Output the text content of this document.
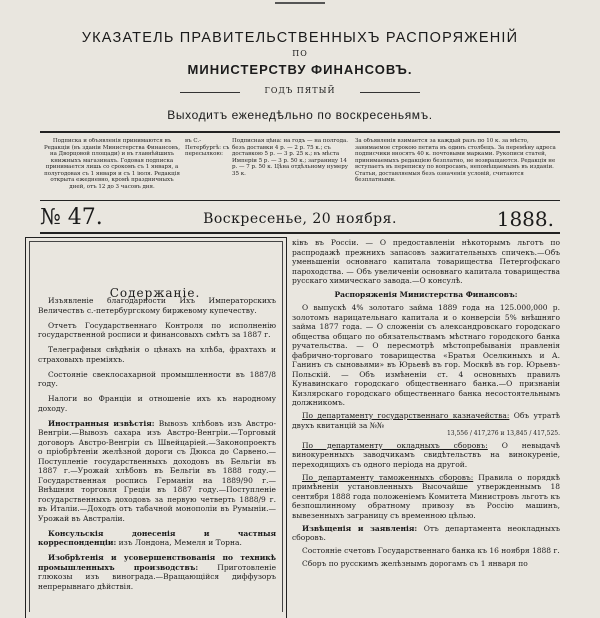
УКАЗАТЕЛЬ ПРАВИТЕЛЬСТВЕННЫХЪ РАСПОРЯЖЕНІЙ
ПО
МИНИСТЕРСТВУ ФИНАНСОВЪ.
ГОДЪ ПЯТЫЙ
Выходитъ еженедѣльно по воскресеньямъ.
Подписка и объявленія принимаются въ Редакціи (въ зданіи Министерства Финансовъ, на Дворцовой площади) и въ главнѣйшихъ книжныхъ магазинахъ. Годовая подписка принимается лишь со срокомъ съ 1 января, а полугодовая съ 1 января и съ 1 іюля. Редакція открыта ежедневно, кромѣ праздничныхъ дней, отъ 12 до 3 часовъ дня.
въ С.-Петербургѣ: съ пересылкою:
Подписная цѣна: на годъ — на полгода. безъ доставки 4 р. — 2 р. 75 к.; съ доставкою 5 р. — 3 р. 25 к.; въ мѣста Имперіи 5 р. — 3 р. 50 к.; заграницу 14 р. — 7 р. 50 к. Цѣна отдѣльному нумеру 35 к.
За объявленія взимается за каждый разъ по 10 к. за мѣсто, занимаемое строкою петита въ одинъ столбецъ. За перемѣну адреса подписчики вносятъ 40 к. почтовыми марками. Рукописи статей, принимаемыхъ редакціею безплатно, не возвращаются. Редакція не вступаетъ въ переписку по вопросамъ, непомѣщаемымъ въ изданіи. Статьи, доставляемыя безъ означенія условій, считаются безплатными.
№ 47.	Воскресенье, 20 ноября.	1888.
Содержаніе.

Изъявленіе благодарности Ихъ Императорскихъ Величествъ с.-петербургскому биржевому купечеству.

Отчетъ Государственнаго Контроля по исполненію государственной росписи и финансовыхъ смѣтъ за 1887 г.

Телеграфныя свѣдѣнія о цѣнахъ на хлѣба, фрахтахъ и страховыхъ преміяхъ.

Состояніе свеклосахарной промышленности въ 1887/8 году.

Налоги во Франціи и отношеніе ихъ къ народному доходу.

Иностранныя извѣстія: Вывозъ хлѣбовъ изъ Австро-Венгріи.—Вывозъ сахара изъ Австро-Венгріи.—Торговый договоръ Австро-Венгріи съ Швейцаріей.—Законопроектъ о пріобрѣтеніи желѣзной дороги съ Дюкса до Сарвено.—Поступленіе государственныхъ доходовъ въ Бельгіи въ 1887 г.—Урожай хлѣбовъ въ Бельгіи въ 1888 году.—Государственная роспись Германіи на 1889/90 г.—Внѣшняя торговля Греціи въ 1887 году.—Поступленіе государственныхъ доходовъ за первую четверть 1888/9 г. въ Италіи.—Доходъ отъ табачной монополіи въ Румыніи.—Урожай въ Австраліи.

Консульскія донесенія и частныя корреспонденціи: изъ Лондона, Мемеля и Торна.

Изобрѣтенія и усовершенствованія по техникѣ промышленныхъ производствъ:	Приготовленіе глюкозы изъ винограда.—Вращающійся диффузоръ непрерывнаго дѣйствія.

ківъ въ Россіи. — О предоставленіи нѣкоторымъ льготъ по распродажѣ прежнихъ запасовъ зажигательныхъ спичекъ.—Объ уменьшеніи основнаго капитала товарищества Петергофскаго пароходства. — Объ увеличеніи основнаго капитала товарищества русскаго химическаго завода.—О консулѣ.

Распоряженія Министерства Финансовъ:

О выпускѣ 4% золотаго займа 1889 года на 125.000,000 р. золотомъ нарицательнаго капитала и о конверсіи 5% внѣшняго займа 1877 года. — О сложеніи съ александровскаго городскаго общества общаго по обязательствамъ мѣстнаго городского банка ручательства. — О пересмотрѣ мѣстопребыванія правленія фабрично-торговаго товарищества «Братья Оселкиныхъ и А. Ганинъ съ сыновьями» въ Юрьевѣ въ гор. Москвѣ въ гор. Юрьевъ-Польскій. — Объ измѣненіи ст. 4 основныхъ правилъ Кунавинскаго городскаго общественнаго банка.—О признаніи Кизлярскаго городскаго общественнаго банка несостоятельнымъ должникомъ.

По департаменту государственнаго казначейства: Объ утратѣ двухъ квитанцій за №№
13,556 / 417,276 и 13,845 / 417,525.

По департаменту окладныхъ сборовъ: О невыдачѣ винокуренныхъ заводчикамъ свидѣтельствъ на винокуреніе, переходящихъ съ одного періода на другой.

По департаменту таможенныхъ сборовъ: Правила о порядкѣ примѣненія установленныхъ Высочайше утвержденнымъ 18 сентября 1888 года положеніемъ Комитета Министровъ льготъ къ безпошлинному обратному привозу въ Россію машинъ, вывезенныхъ заграницу съ временною цѣлью.

Извѣщенія и заявленія: Отъ департамента неокладныхъ сборовъ.

Состояніе счетовъ Государственнаго банка къ 16 ноября 1888 г.

Сборъ по русскимъ желѣзнымъ дорогамъ съ 1 января по
